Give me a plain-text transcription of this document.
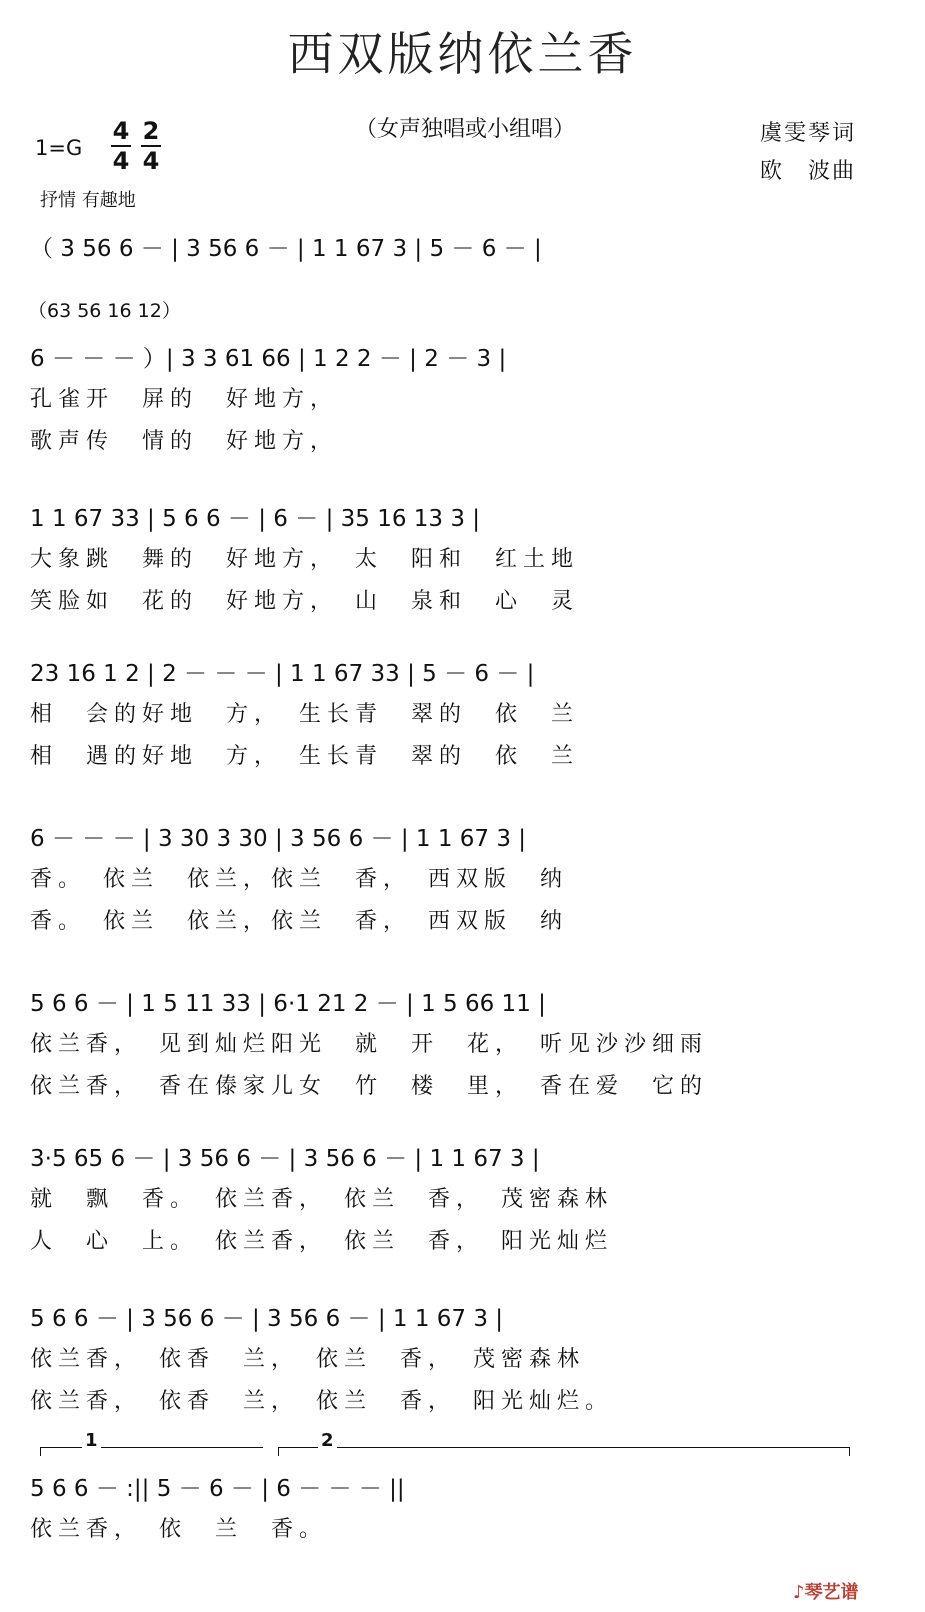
西双版纳依兰香
（女声独唱或小组唱）
1=G
4
4
2
4
虞雯琴词
欧　波曲
抒情 有趣地
（ 3 56 6 － | 3 56 6 － | 1 1 67 3 | 5 － 6 － |
（63 56 16 12）
6 － － － ）| 3 3 61 66 | 1 2 2 － | 2 － 3 |
孔雀开　屏的　好地方，
歌声传　情的　好地方，
1 1 67 33 | 5 6 6 － | 6 － | 35 16 13 3 |
大象跳　舞的　好地方，　太　阳和　红土地
笑脸如　花的　好地方，　山　泉和　心　灵
23 16 1 2 | 2 － － － | 1 1 67 33 | 5 － 6 － |
相　会的好地　方，　生长青　翠的　依　兰
相　遇的好地　方，　生长青　翠的　依　兰
6 － － － | 3 30 3 30 | 3 56 6 － | 1 1 67 3 |
香。　依兰　依兰，依兰　香，　西双版　纳
香。　依兰　依兰，依兰　香，　西双版　纳
5 6 6 － | 1 5 11 33 | 6·1 21 2 － | 1 5 66 11 |
依兰香，　见到灿烂阳光　就　开　花，　听见沙沙细雨
依兰香，　香在傣家儿女　竹　楼　里，　香在爱　它的
3·5 65 6 － | 3 56 6 － | 3 56 6 － | 1 1 67 3 |
就　飘　香。　依兰香，　依兰　香，　茂密森林
人　心　上。　依兰香，　依兰　香，　阳光灿烂
5 6 6 － | 3 56 6 － | 3 56 6 － | 1 1 67 3 |
依兰香，　依香　兰，　依兰　香，　茂密森林
依兰香，　依香　兰，　依兰　香，　阳光灿烂。
5 6 6 － :|| 5 － 6 － | 6 － － － ||
依兰香，　依　兰　香。
1	2
♪琴艺谱
